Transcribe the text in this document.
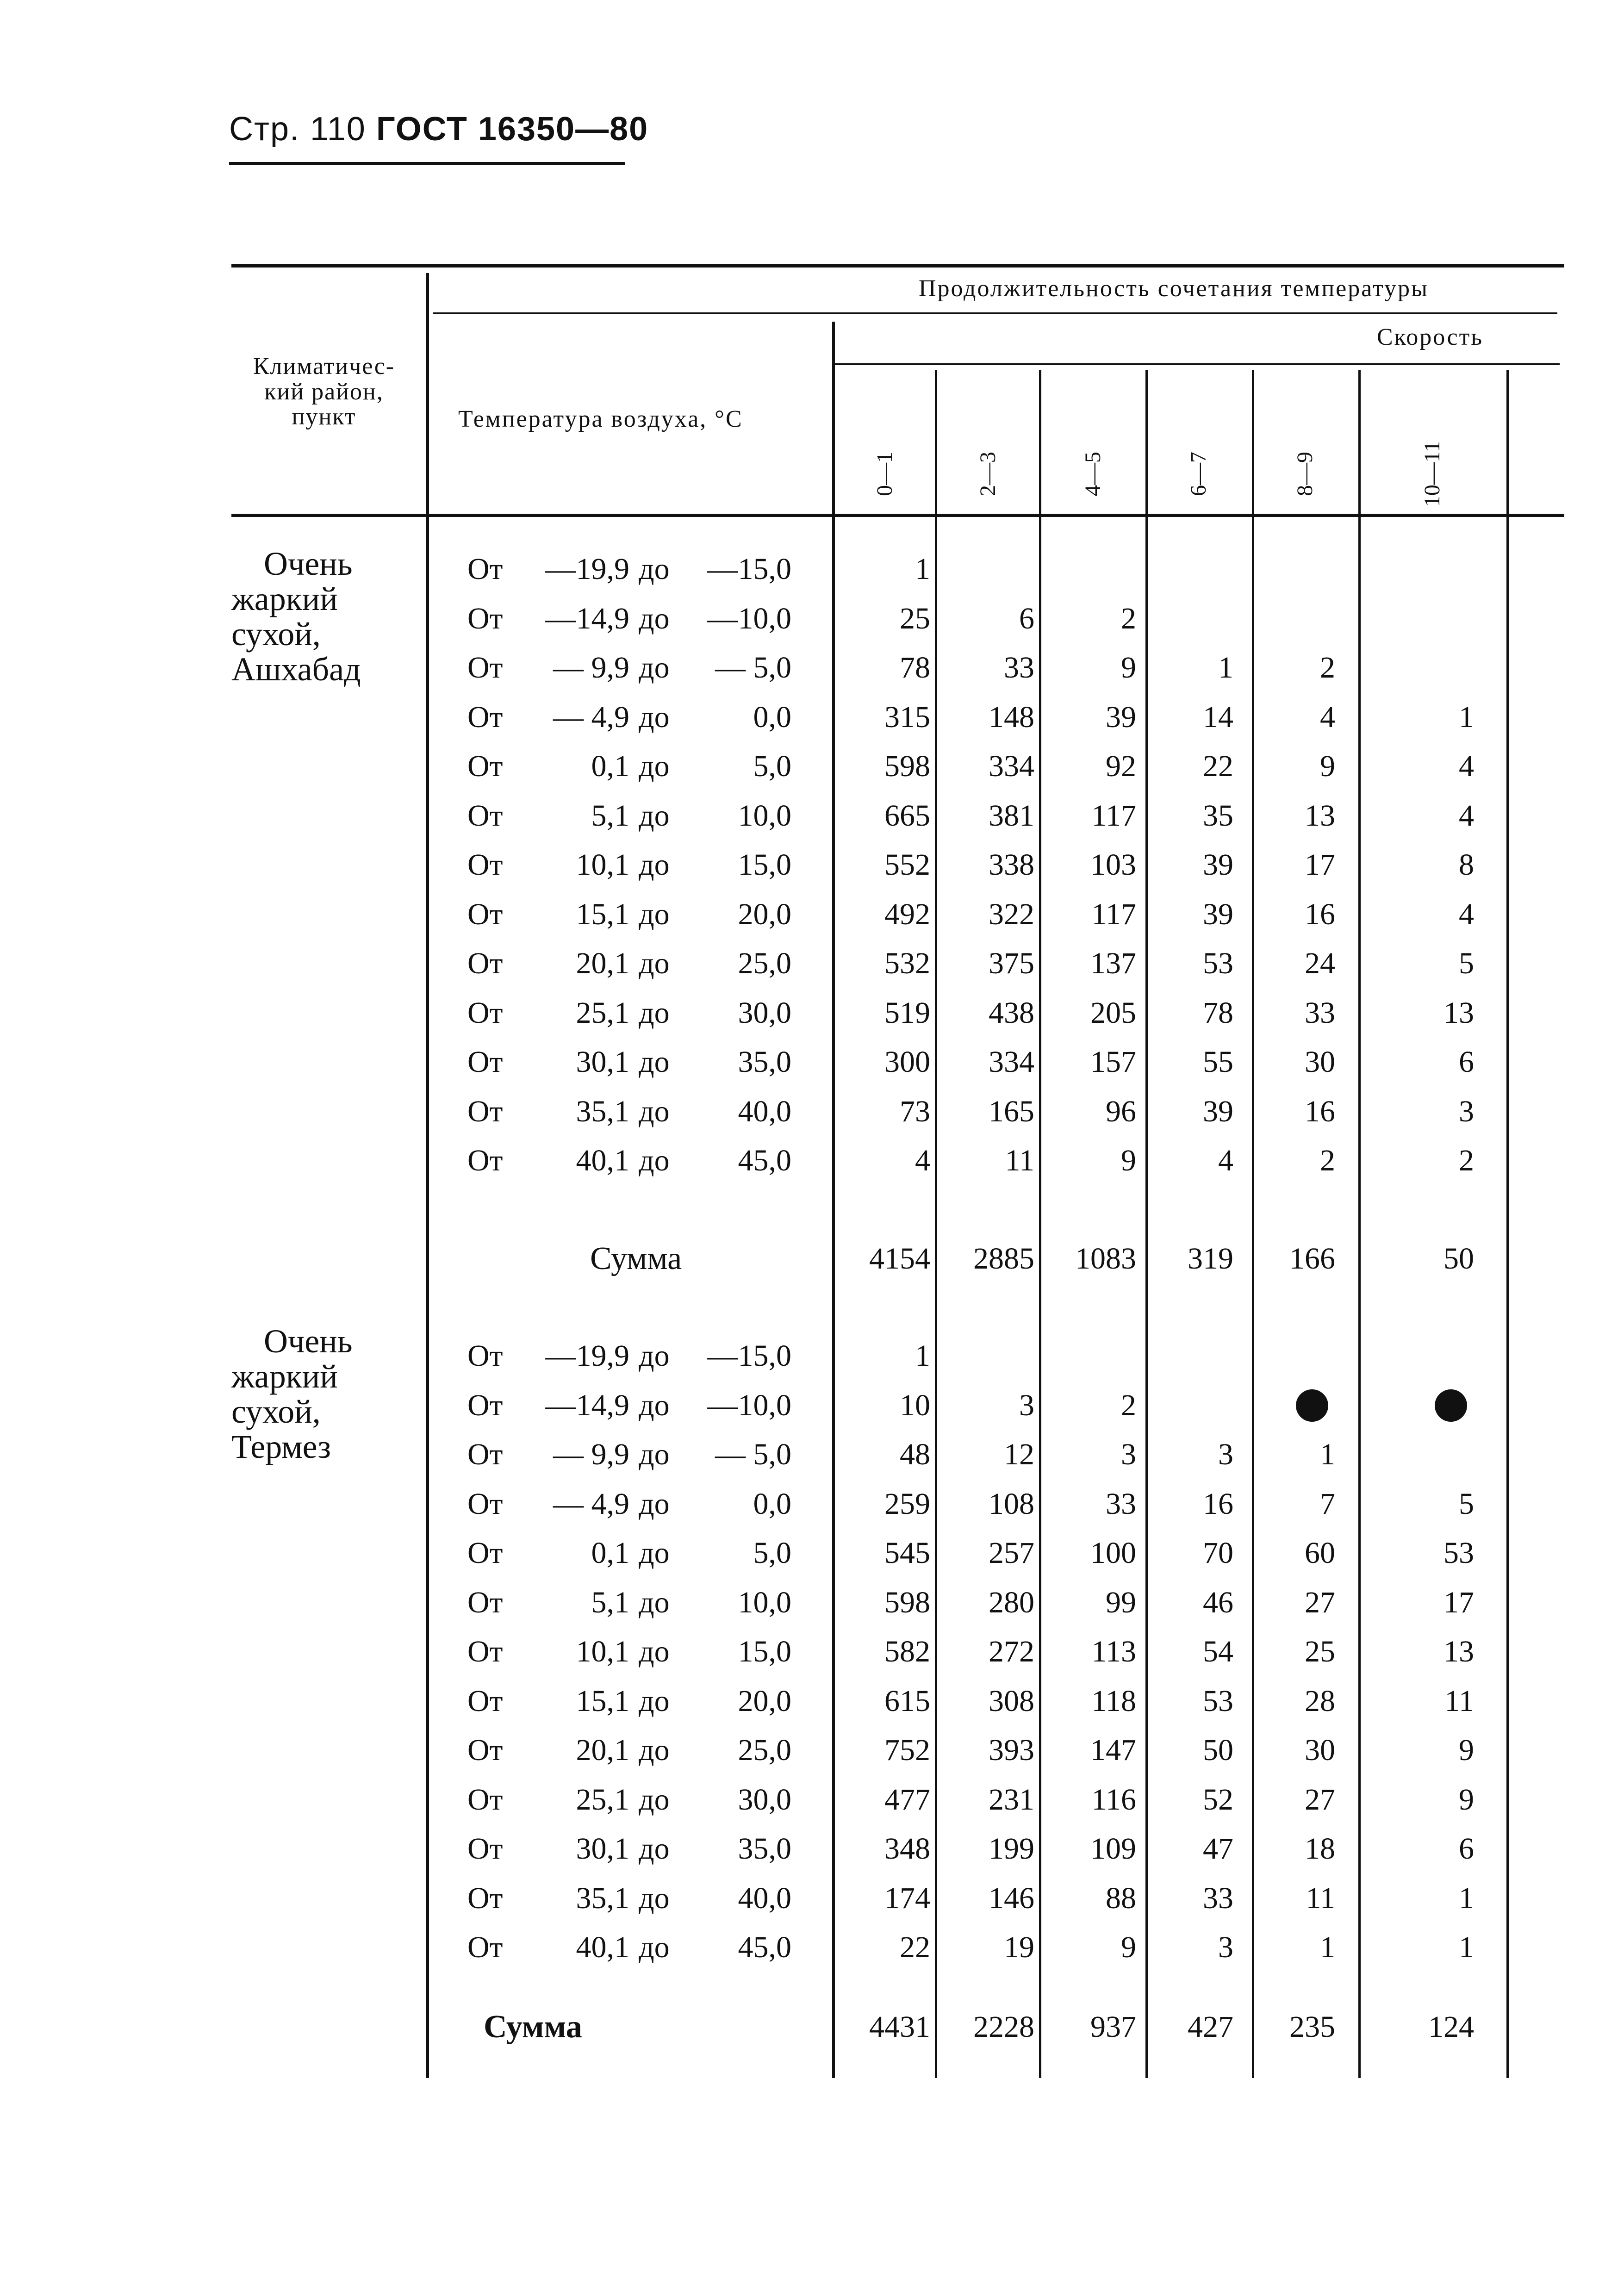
Стр. 110 ГОСТ 16350—80
Климатичес-
кий район,
пункт	Температура воздуха, °C
Продолжительность сочетания температуры
Скорость
0—1	2—3	4—5	6—7	8—9	10—11
Очень
жаркий
сухой,
Ашхабад
От	—19,9 до	—15,0	1
От	—14,9 до	—10,0	25	6	2
От	— 9,9 до	— 5,0	78	33	9	1	2
От	— 4,9 до	0,0	315	148	39	14	4	1
От	0,1 до	5,0	598	334	92	22	9	4
От	5,1 до	10,0	665	381	117	35	13	4
От	10,1 до	15,0	552	338	103	39	17	8
От	15,1 до	20,0	492	322	117	39	16	4
От	20,1 до	25,0	532	375	137	53	24	5
От	25,1 до	30,0	519	438	205	78	33	13
От	30,1 до	35,0	300	334	157	55	30	6
От	35,1 до	40,0	73	165	96	39	16	3
От	40,1 до	45,0	4	11	9	4	2	2
Сумма	4154	2885	1083	319	166	50
Очень
жаркий
сухой,
Термез
От	—19,9 до	—15,0	1
От	—14,9 до	—10,0	10	3	2
От	— 9,9 до	— 5,0	48	12	3	3	1
От	— 4,9 до	0,0	259	108	33	16	7	5
От	0,1 до	5,0	545	257	100	70	60	53
От	5,1 до	10,0	598	280	99	46	27	17
От	10,1 до	15,0	582	272	113	54	25	13
От	15,1 до	20,0	615	308	118	53	28	11
От	20,1 до	25,0	752	393	147	50	30	9
От	25,1 до	30,0	477	231	116	52	27	9
От	30,1 до	35,0	348	199	109	47	18	6
От	35,1 до	40,0	174	146	88	33	11	1
От	40,1 до	45,0	22	19	9	3	1	1
Сумма	4431	2228	937	427	235	124
